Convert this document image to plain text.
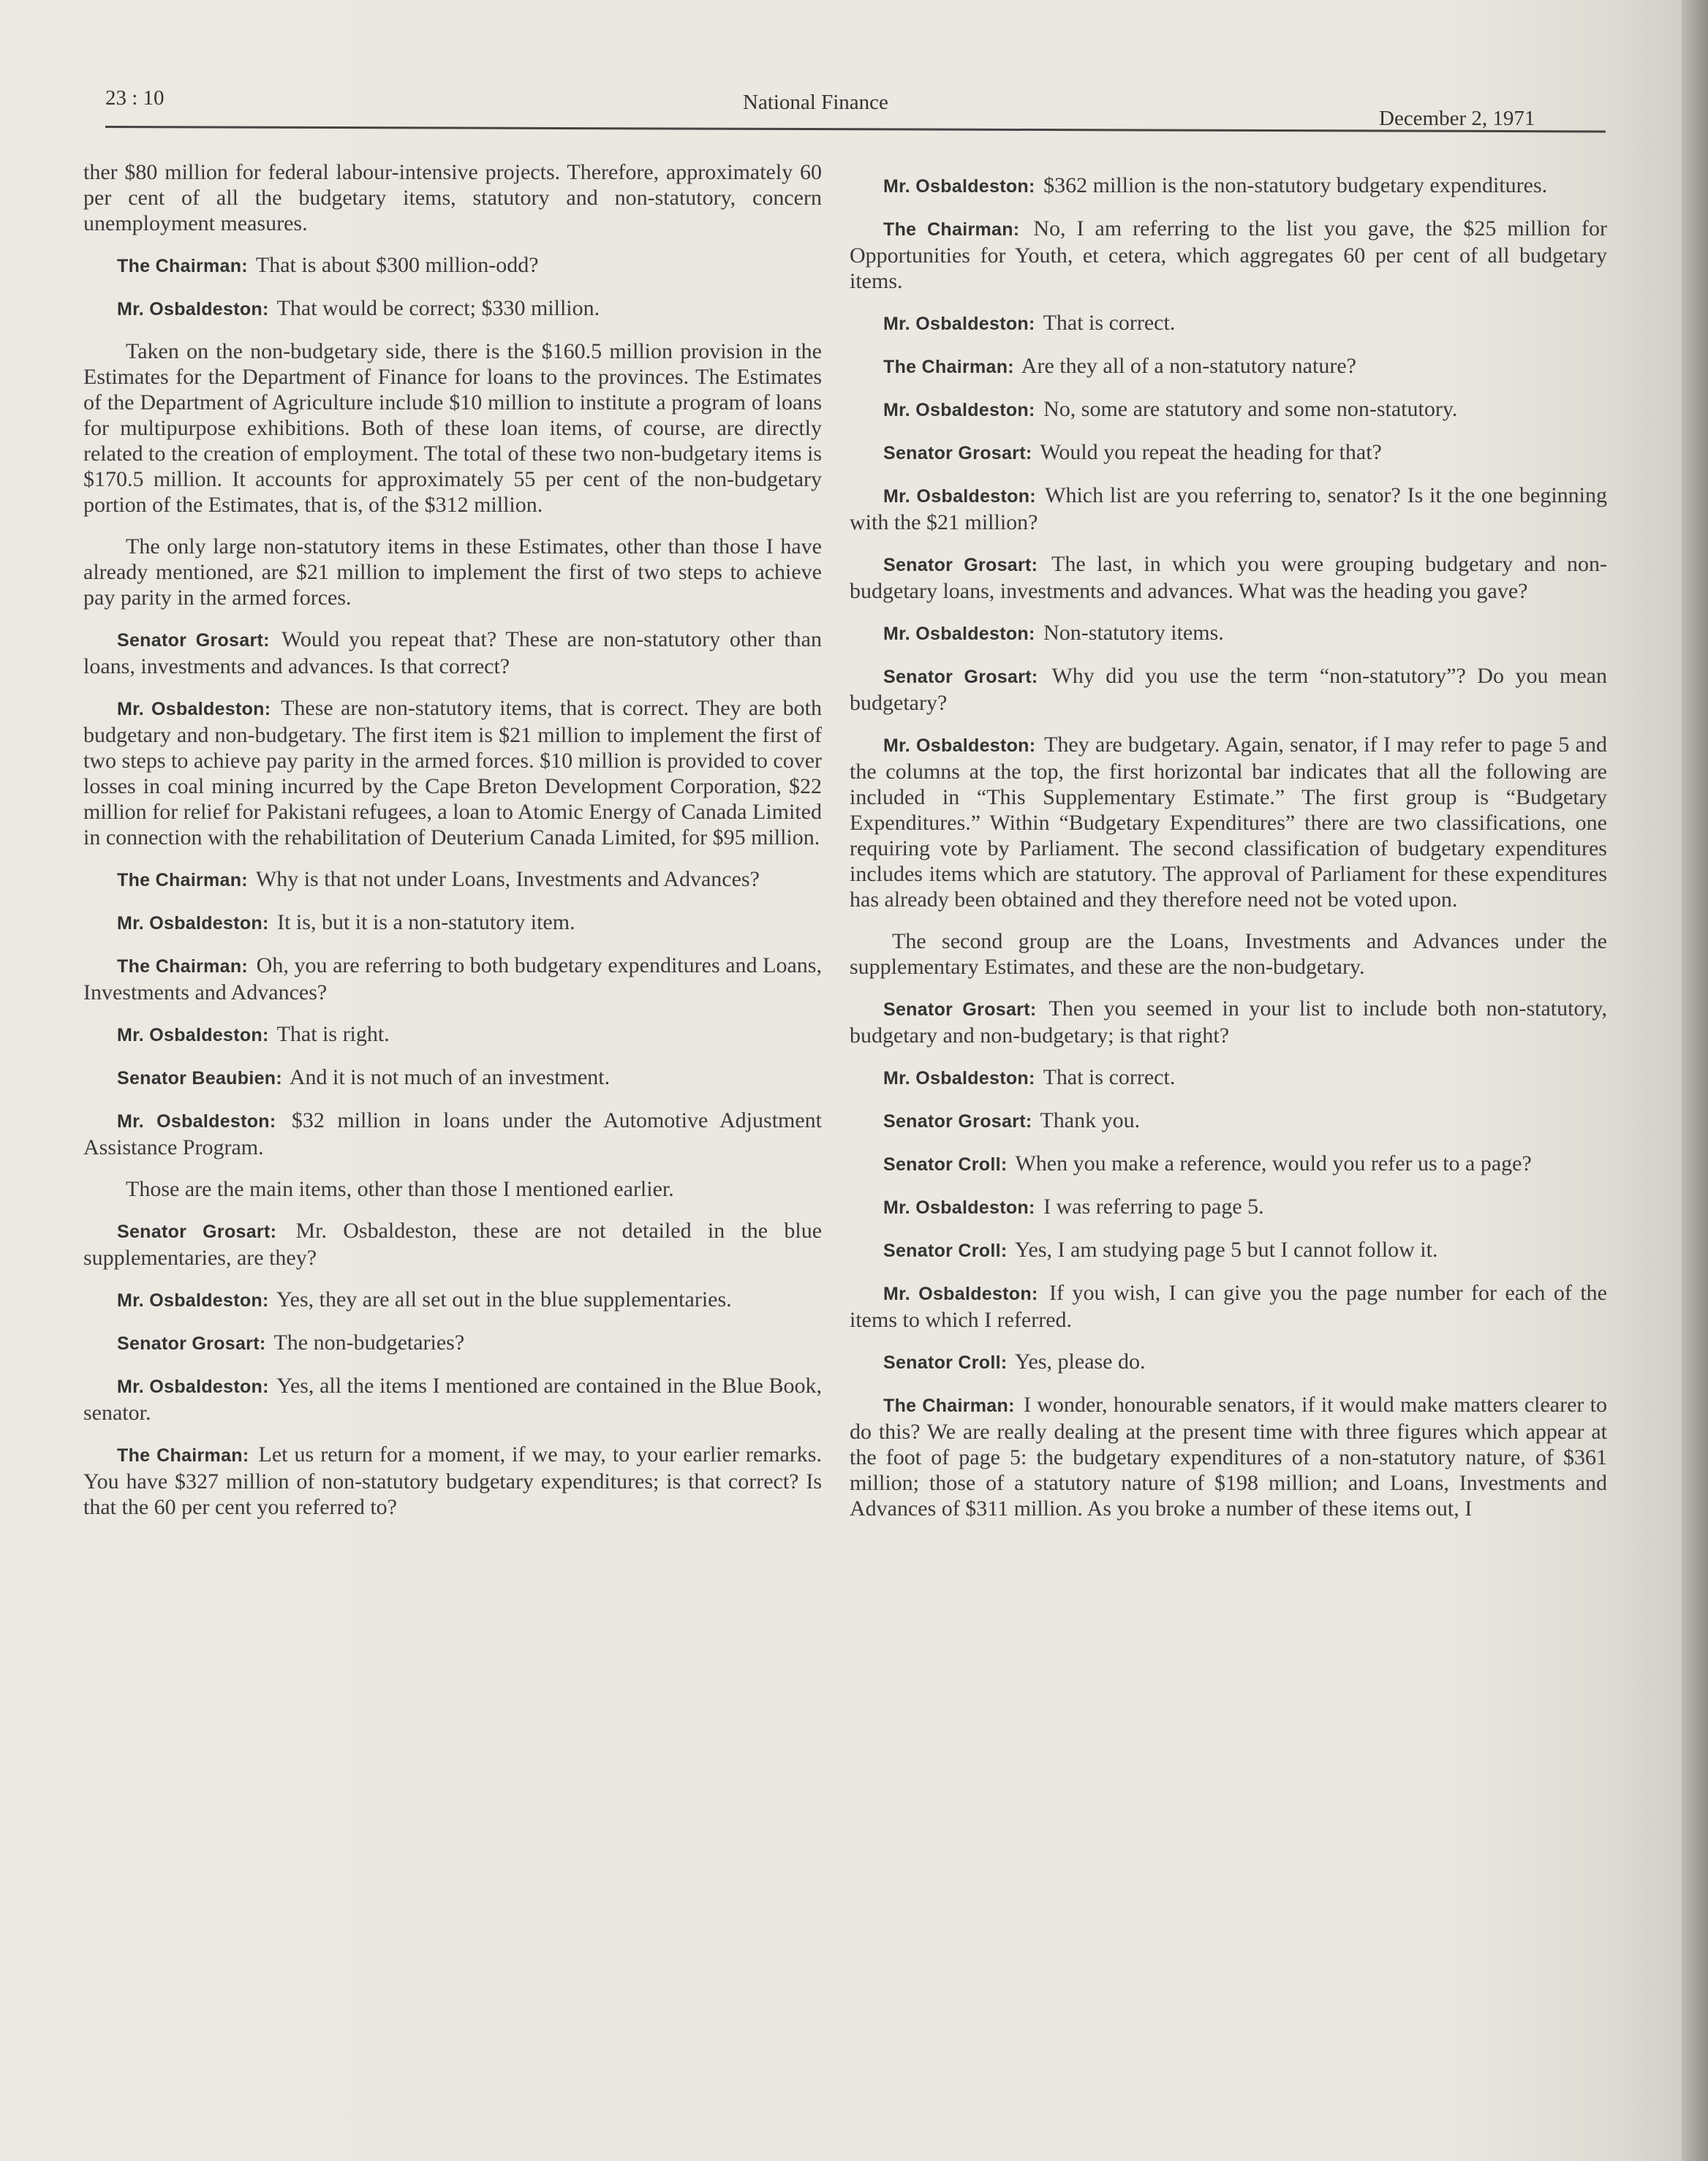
23 : 10	National Finance
December 2, 1971

ther $80 million for federal labour-intensive projects. Therefore, approximately 60 per cent of all the budgetary items, statutory and non-statutory, concern unemployment measures.

The Chairman: That is about $300 million-odd?

Mr. Osbaldeston: That would be correct; $330 million.

Taken on the non-budgetary side, there is the $160.5 million provision in the Estimates for the Department of Finance for loans to the provinces. The Estimates of the Department of Agriculture include $10 million to institute a program of loans for multipurpose exhibitions. Both of these loan items, of course, are directly related to the creation of employment. The total of these two non-budgetary items is $170.5 million. It accounts for approximately 55 per cent of the non-budgetary portion of the Estimates, that is, of the $312 million.

The only large non-statutory items in these Estimates, other than those I have already mentioned, are $21 million to implement the first of two steps to achieve pay parity in the armed forces.

Senator Grosart: Would you repeat that? These are non-statutory other than loans, investments and advances. Is that correct?

Mr. Osbaldeston: These are non-statutory items, that is correct. They are both budgetary and non-budgetary. The first item is $21 million to implement the first of two steps to achieve pay parity in the armed forces. $10 million is provided to cover losses in coal mining incurred by the Cape Breton Development Corporation, $22 million for relief for Pakistani refugees, a loan to Atomic Energy of Canada Limited in connection with the rehabilitation of Deuterium Canada Limited, for $95 million.

The Chairman: Why is that not under Loans, Investments and Advances?

Mr. Osbaldeston: It is, but it is a non-statutory item.

The Chairman: Oh, you are referring to both budgetary expenditures and Loans, Investments and Advances?

Mr. Osbaldeston: That is right.

Senator Beaubien: And it is not much of an investment.

Mr. Osbaldeston: $32 million in loans under the Automotive Adjustment Assistance Program.

Those are the main items, other than those I mentioned earlier.

Senator Grosart: Mr. Osbaldeston, these are not detailed in the blue supplementaries, are they?

Mr. Osbaldeston: Yes, they are all set out in the blue supplementaries.

Senator Grosart: The non-budgetaries?

Mr. Osbaldeston: Yes, all the items I mentioned are contained in the Blue Book, senator.

The Chairman: Let us return for a moment, if we may, to your earlier remarks. You have $327 million of non-statutory budgetary expenditures; is that correct? Is that the 60 per cent you referred to?

Mr. Osbaldeston: $362 million is the non-statutory budgetary expenditures.

The Chairman: No, I am referring to the list you gave, the $25 million for Opportunities for Youth, et cetera, which aggregates 60 per cent of all budgetary items.

Mr. Osbaldeston: That is correct.

The Chairman: Are they all of a non-statutory nature?

Mr. Osbaldeston: No, some are statutory and some non-statutory.

Senator Grosart: Would you repeat the heading for that?

Mr. Osbaldeston: Which list are you referring to, senator? Is it the one beginning with the $21 million?

Senator Grosart: The last, in which you were grouping budgetary and non-budgetary loans, investments and advances. What was the heading you gave?

Mr. Osbaldeston: Non-statutory items.

Senator Grosart: Why did you use the term “non-statutory”? Do you mean budgetary?

Mr. Osbaldeston: They are budgetary. Again, senator, if I may refer to page 5 and the columns at the top, the first horizontal bar indicates that all the following are included in “This Supplementary Estimate.” The first group is “Budgetary Expenditures.” Within “Budgetary Expenditures” there are two classifications, one requiring vote by Parliament. The second classification of budgetary expenditures includes items which are statutory. The approval of Parliament for these expenditures has already been obtained and they therefore need not be voted upon.

The second group are the Loans, Investments and Advances under the supplementary Estimates, and these are the non-budgetary.

Senator Grosart: Then you seemed in your list to include both non-statutory, budgetary and non-budgetary; is that right?

Mr. Osbaldeston: That is correct.

Senator Grosart: Thank you.

Senator Croll: When you make a reference, would you refer us to a page?

Mr. Osbaldeston: I was referring to page 5.

Senator Croll: Yes, I am studying page 5 but I cannot follow it.

Mr. Osbaldeston: If you wish, I can give you the page number for each of the items to which I referred.

Senator Croll: Yes, please do.

The Chairman: I wonder, honourable senators, if it would make matters clearer to do this? We are really dealing at the present time with three figures which appear at the foot of page 5: the budgetary expenditures of a non-statutory nature, of $361 million; those of a statutory nature of $198 million; and Loans, Investments and Advances of $311 million. As you broke a number of these items out, I
